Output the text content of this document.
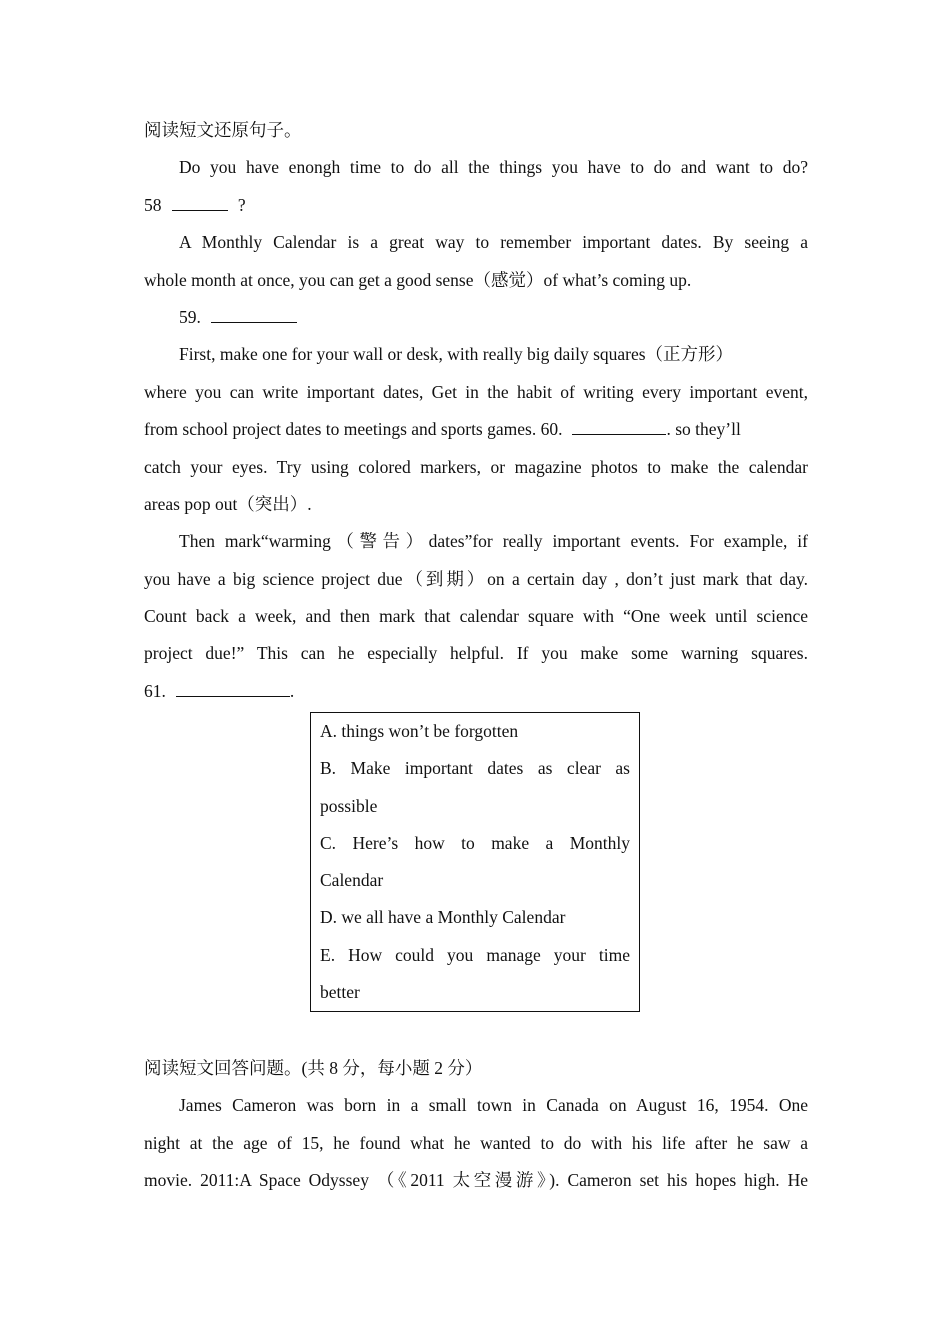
阅读短文还原句子。
Do you have enongh time to do all the things you have to do and want to do?
58	?
A Monthly Calendar is a great way to remember important dates. By seeing a
whole month at once, you can get a good sense（感觉）of what’s coming up.
59.
First, make one for your wall or desk, with really big daily squares（正方形）
where you can write important dates, Get in the habit of writing every important event,
from school project dates to meetings and sports games. 60.	. so they’ll
catch your eyes. Try using colored markers, or magazine photos to make the calendar
areas pop out（突出）.
Then mark“warming（警告）dates”for really important events. For example, if
you have a big science project due（到期）on a certain day , don’t just mark that day.
Count back a week, and then mark that calendar square with “One week until science
project due!” This can he especially helpful. If you make some warning squares.
61.	.
A. things won’t be forgotten
B. Make important dates as clear as
possible
C. Here’s how to make a Monthly
Calendar
D. we all have a Monthly Calendar
E. How could you manage your time
better
阅读短文回答问题。(共 8 分，每小题 2 分）
James Cameron was born in a small town in Canada on August 16, 1954. One
night at the age of 15, he found what he wanted to do with his life after he saw a
movie. 2011:A Space Odyssey （《2011 太空漫游》). Cameron set his hopes high. He
